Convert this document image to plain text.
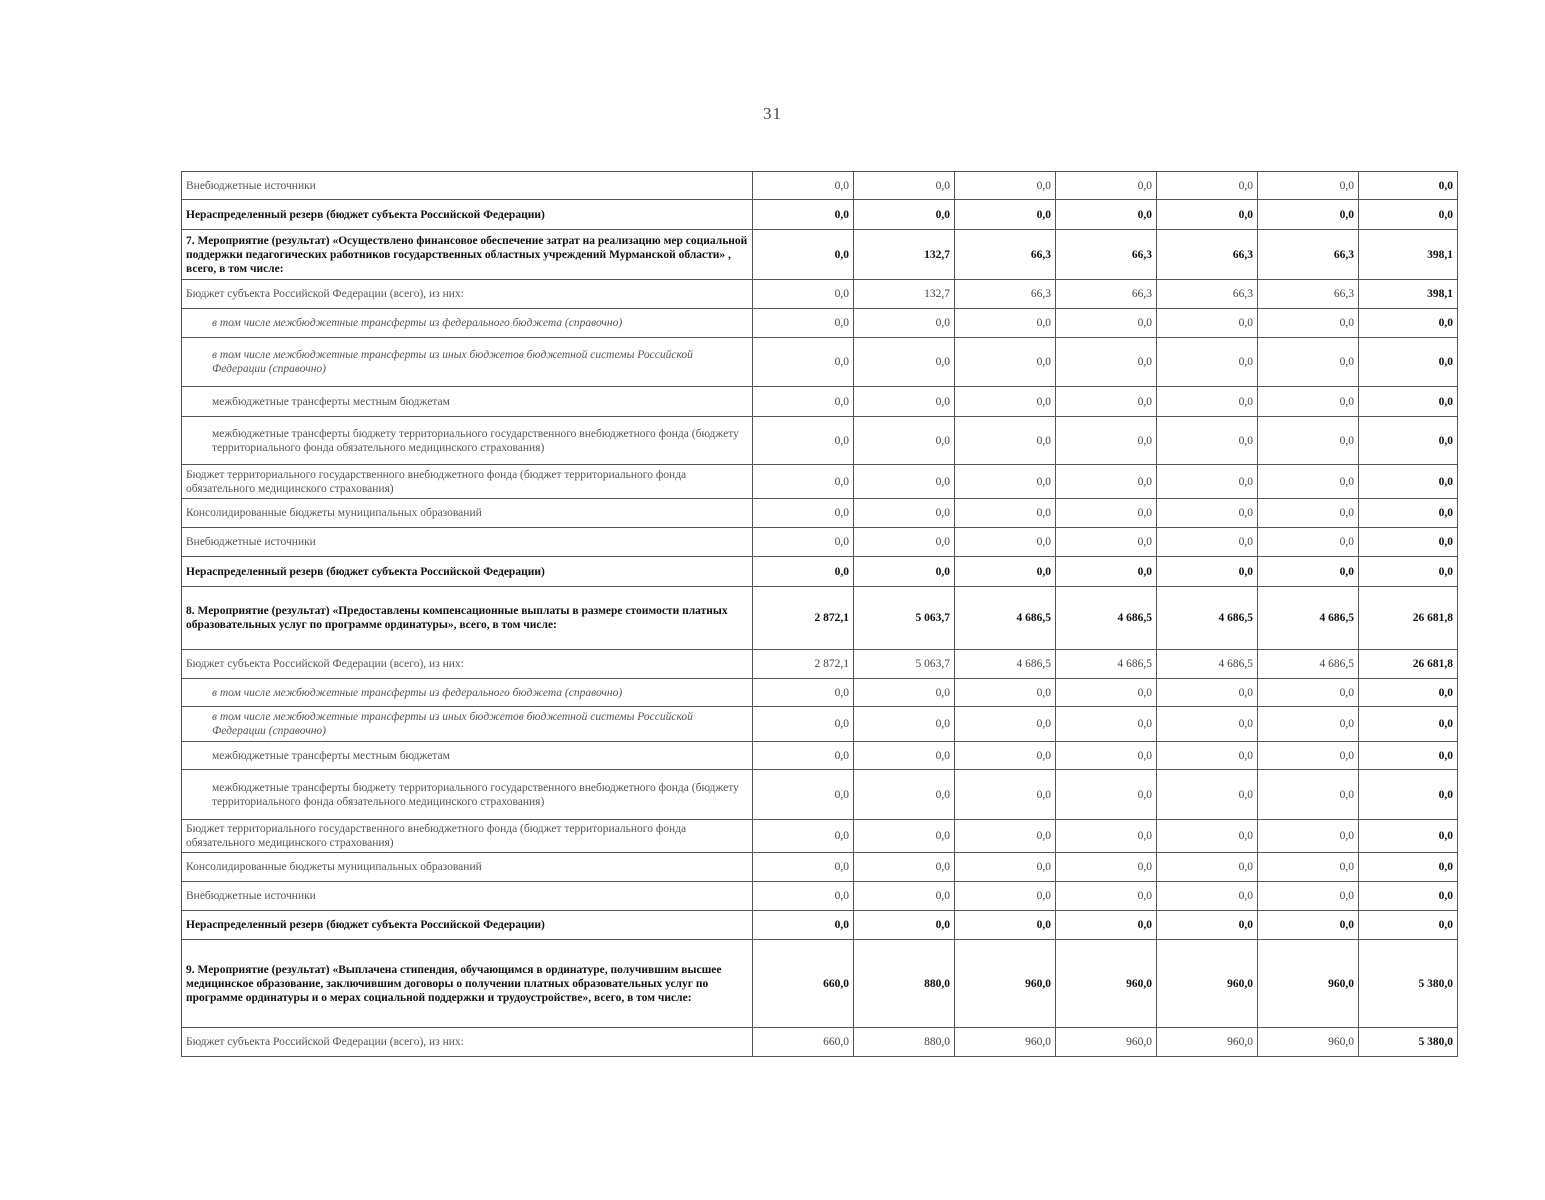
31
Внебюджетные источники	0,0	0,0	0,0	0,0	0,0	0,0	0,0
Нераспределенный резерв (бюджет субъекта Российской Федерации)	0,0	0,0	0,0	0,0	0,0	0,0	0,0
7. Мероприятие (результат) «Осуществлено финансовое обеспечение затрат на реализацию мер социальной поддержки педагогических работников государственных областных учреждений Мурманской области» , всего, в том числе:	0,0	132,7	66,3	66,3	66,3	66,3	398,1
Бюджет субъекта Российской Федерации (всего), из них:	0,0	132,7	66,3	66,3	66,3	66,3	398,1
в том числе межбюджетные трансферты из федерального бюджета (справочно)	0,0	0,0	0,0	0,0	0,0	0,0	0,0
в том числе межбюджетные трансферты из иных бюджетов бюджетной системы Российской Федерации (справочно)	0,0	0,0	0,0	0,0	0,0	0,0	0,0
межбюджетные трансферты местным бюджетам	0,0	0,0	0,0	0,0	0,0	0,0	0,0
межбюджетные трансферты бюджету территориального государственного внебюджетного фонда (бюджету территориального фонда обязательного медицинского страхования)	0,0	0,0	0,0	0,0	0,0	0,0	0,0
Бюджет территориального государственного внебюджетного фонда (бюджет территориального фонда обязательного медицинского страхования)	0,0	0,0	0,0	0,0	0,0	0,0	0,0
Консолидированные бюджеты муниципальных образований	0,0	0,0	0,0	0,0	0,0	0,0	0,0
Внебюджетные источники	0,0	0,0	0,0	0,0	0,0	0,0	0,0
Нераспределенный резерв (бюджет субъекта Российской Федерации)	0,0	0,0	0,0	0,0	0,0	0,0	0,0
8. Мероприятие (результат) «Предоставлены компенсационные выплаты в размере стоимости платных образовательных услуг по программе ординатуры», всего, в том числе:	2 872,1	5 063,7	4 686,5	4 686,5	4 686,5	4 686,5	26 681,8
Бюджет субъекта Российской Федерации (всего), из них:	2 872,1	5 063,7	4 686,5	4 686,5	4 686,5	4 686,5	26 681,8
в том числе межбюджетные трансферты из федерального бюджета (справочно)	0,0	0,0	0,0	0,0	0,0	0,0	0,0
в том числе межбюджетные трансферты из иных бюджетов бюджетной системы Российской Федерации (справочно)	0,0	0,0	0,0	0,0	0,0	0,0	0,0
межбюджетные трансферты местным бюджетам	0,0	0,0	0,0	0,0	0,0	0,0	0,0
межбюджетные трансферты бюджету территориального государственного внебюджетного фонда (бюджету территориального фонда обязательного медицинского страхования)	0,0	0,0	0,0	0,0	0,0	0,0	0,0
Бюджет территориального государственного внебюджетного фонда (бюджет территориального фонда обязательного медицинского страхования)	0,0	0,0	0,0	0,0	0,0	0,0	0,0
Консолидированные бюджеты муниципальных образований	0,0	0,0	0,0	0,0	0,0	0,0	0,0
Внебюджетные источники	0,0	0,0	0,0	0,0	0,0	0,0	0,0
Нераспределенный резерв (бюджет субъекта Российской Федерации)	0,0	0,0	0,0	0,0	0,0	0,0	0,0
9. Мероприятие (результат) «Выплачена стипендия, обучающимся в ординатуре, получившим высшее медицинское образование, заключившим договоры о получении платных образовательных услуг по программе ординатуры и о мерах социальной поддержки и трудоустройстве», всего, в том числе:	660,0	880,0	960,0	960,0	960,0	960,0	5 380,0
Бюджет субъекта Российской Федерации (всего), из них:	660,0	880,0	960,0	960,0	960,0	960,0	5 380,0
